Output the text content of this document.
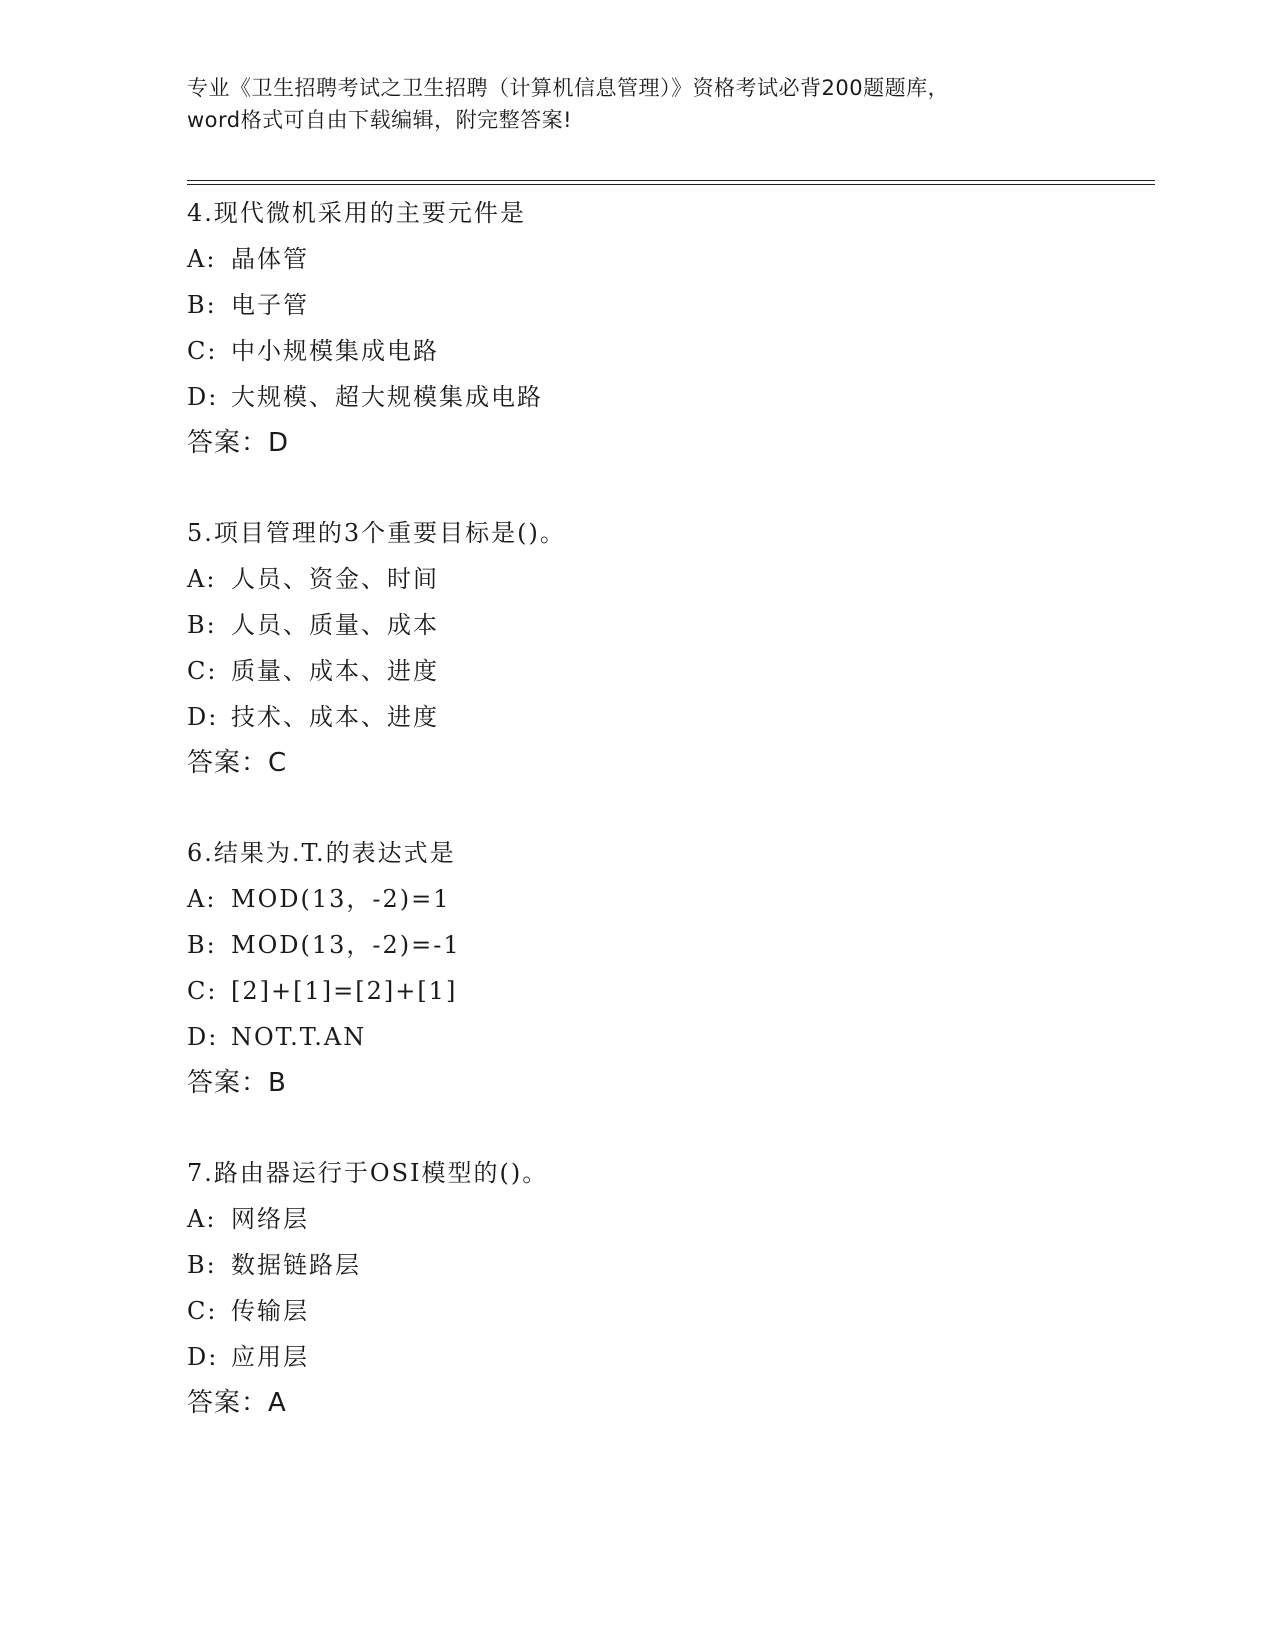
专业《卫生招聘考试之卫生招聘（计算机信息管理）》资格考试必背200题题库，
word格式可自由下载编辑，附完整答案!
4.现代微机采用的主要元件是
A: 晶体管
B: 电子管
C: 中小规模集成电路
D: 大规模、超大规模集成电路
答案：D
5.项目管理的3个重要目标是()。
A: 人员、资金、时间
B: 人员、质量、成本
C: 质量、成本、进度
D: 技术、成本、进度
答案：C
6.结果为.T.的表达式是
A: MOD(13，-2)=1
B: MOD(13，-2)=-1
C: [2]+[1]=[2]+[1]
D: NOT.T.AN
答案：B
7.路由器运行于OSI模型的()。
A: 网络层
B: 数据链路层
C: 传输层
D: 应用层
答案：A
